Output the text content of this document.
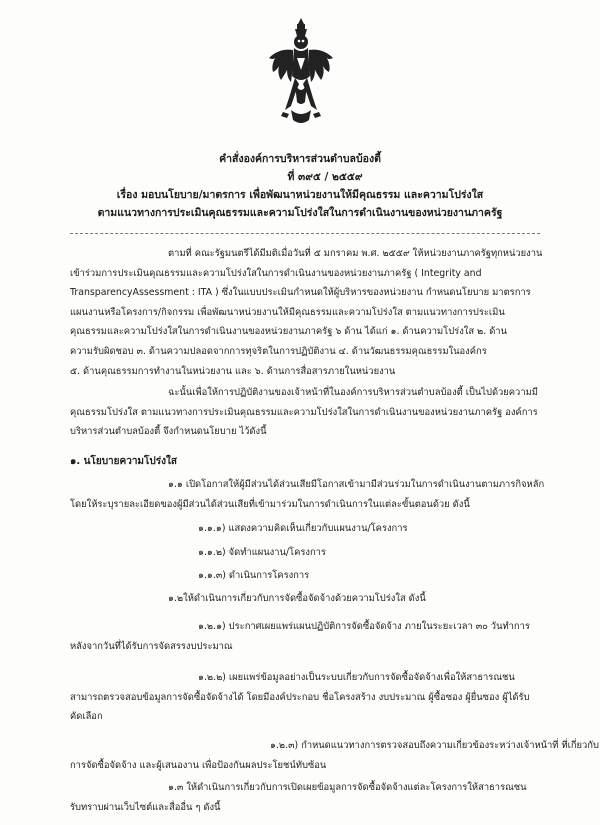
คำสั่งองค์การบริหารส่วนตำบลบ้องตี้
ที่ ๓๙๕ / ๒๕๕๙
เรื่อง มอบนโยบาย/มาตรการ เพื่อพัฒนาหน่วยงานให้มีคุณธรรม และความโปร่งใส
ตามแนวทางการประเมินคุณธรรมและความโปร่งใสในการดำเนินงานของหน่วยงานภาครัฐ
ตามที่ คณะรัฐมนตรีได้มีมติเมื่อวันที่ ๕ มกราคม พ.ศ. ๒๕๕๙ ให้หน่วยงานภาครัฐทุกหน่วยงาน
เข้าร่วมการประเมินคุณธรรมและความโปร่งใสในการดำเนินงานของหน่วยงานภาครัฐ ( Integrity and
TransparencyAssessment : ITA ) ซึ่งในแบบประเมินกำหนดให้ผู้บริหารของหน่วยงาน กำหนดนโยบาย มาตรการ
แผนงานหรือโครงการ/กิจกรรม เพื่อพัฒนาหน่วยงานให้มีคุณธรรมและความโปร่งใส ตามแนวทางการประเมิน
คุณธรรมและความโปร่งใสในการดำเนินงานของหน่วยงานภาครัฐ ๖ ด้าน ได้แก่ ๑. ด้านความโปร่งใส ๒. ด้าน
ความรับผิดชอบ ๓. ด้านความปลอดจากการทุจริตในการปฏิบัติงาน ๔. ด้านวัฒนธรรมคุณธรรมในองค์กร
๕. ด้านคุณธรรมการทำงานในหน่วยงาน และ ๖. ด้านการสื่อสารภายในหน่วยงาน
ฉะนั้นเพื่อให้การปฏิบัติงานของเจ้าหน้าที่ในองค์การบริหารส่วนตำบลบ้องตี้ เป็นไปด้วยความมี
คุณธรรมโปร่งใส ตามแนวทางการประเมินคุณธรรมและความโปร่งใสในการดำเนินงานของหน่วยงานภาครัฐ องค์การ
บริหารส่วนตำบลบ้องตี้ จึงกำหนดนโยบาย ไว้ดังนี้
๑. นโยบายความโปร่งใส
๑.๑ เปิดโอกาสให้ผู้มีส่วนได้ส่วนเสียมีโอกาสเข้ามามีส่วนร่วมในการดำเนินงานตามภารกิจหลัก
โดยให้ระบุรายละเอียดของผู้มีส่วนได้ส่วนเสียที่เข้ามาร่วมในการดำเนินการในแต่ละขั้นตอนด้วย ดังนี้
๑.๑.๑) แสดงความคิดเห็นเกี่ยวกับแผนงาน/โครงการ
๑.๑.๒) จัดทำแผนงาน/โครงการ
๑.๑.๓) ดำเนินการโครงการ
๑.๒ให้ดำเนินการเกี่ยวกับการจัดซื้อจัดจ้างด้วยความโปร่งใส ดังนี้
๑.๒.๑) ประกาศเผยแพร่แผนปฏิบัติการจัดซื้อจัดจ้าง ภายในระยะเวลา ๓๐ วันทำการ
หลังจากวันที่ได้รับการจัดสรรงบประมาณ
๑.๒.๒) เผยแพร่ข้อมูลอย่างเป็นระบบเกี่ยวกับการจัดซื้อจัดจ้างเพื่อให้สาธารณชน
สามารถตรวจสอบข้อมูลการจัดซื้อจัดจ้างได้ โดยมีองค์ประกอบ ชื่อโครงสร้าง งบประมาณ ผู้ซื้อซอง ผู้ยื่นซอง ผู้ได้รับ
คัดเลือก
๑.๒.๓) กำหนดแนวทางการตรวจสอบถึงความเกี่ยวข้องระหว่างเจ้าหน้าที่ ที่เกี่ยวกับ
การจัดซื้อจัดจ้าง และผู้เสนองาน เพื่อป้องกันผลประโยชน์ทับซ้อน
๑.๓ ให้ดำเนินการเกี่ยวกับการเปิดเผยข้อมูลการจัดซื้อจัดจ้างแต่ละโครงการให้สาธารณชน
รับทราบผ่านเว็บไซต์และสื่ออื่น ๆ ดังนี้
